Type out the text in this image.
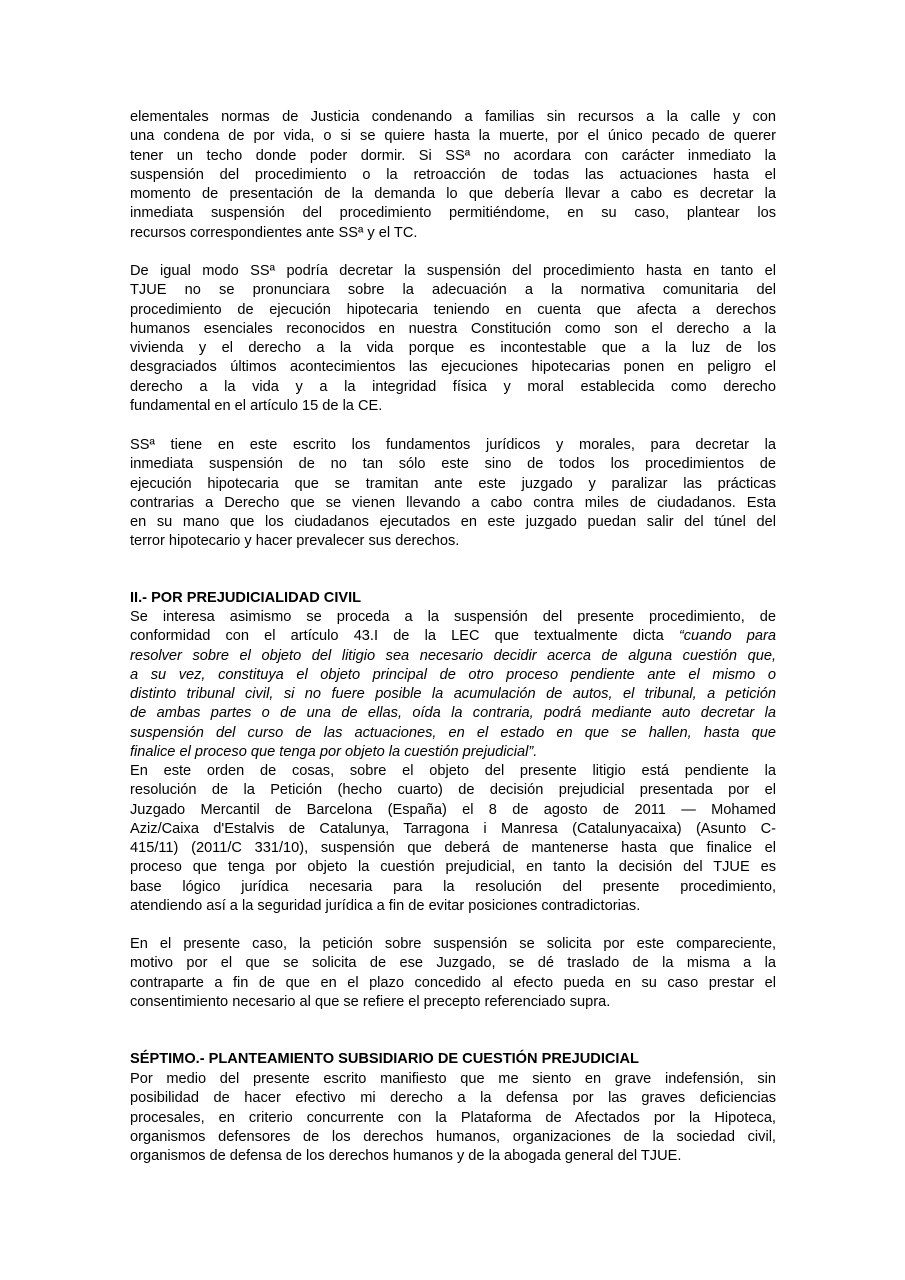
elementales normas de Justicia condenando a familias sin recursos a la calle y con
una condena de por vida, o si se quiere hasta la muerte, por el único pecado de querer
tener un techo donde poder dormir. Si SSª no acordara con carácter inmediato la
suspensión del procedimiento o la retroacción de todas las actuaciones hasta el
momento de presentación de la demanda lo que debería llevar a cabo es decretar la
inmediata suspensión del procedimiento permitiéndome, en su caso, plantear los
recursos correspondientes ante SSª y el TC.
De igual modo SSª podría decretar la suspensión del procedimiento hasta en tanto el
TJUE no se pronunciara sobre la adecuación a la normativa comunitaria del
procedimiento de ejecución hipotecaria teniendo en cuenta que afecta a derechos
humanos esenciales reconocidos en nuestra Constitución como son el derecho a la
vivienda y el derecho a la vida porque es incontestable que a la luz de los
desgraciados últimos acontecimientos las ejecuciones hipotecarias ponen en peligro el
derecho a la vida y a la integridad física y moral establecida como derecho
fundamental en el artículo 15 de la CE.
SSª tiene en este escrito los fundamentos jurídicos y morales, para decretar la
inmediata suspensión de no tan sólo este sino de todos los procedimientos de
ejecución hipotecaria que se tramitan ante este juzgado y paralizar las prácticas
contrarias a Derecho que se vienen llevando a cabo contra miles de ciudadanos. Esta
en su mano que los ciudadanos ejecutados en este juzgado puedan salir del túnel del
terror hipotecario y hacer prevalecer sus derechos.
II.- POR PREJUDICIALIDAD CIVIL
Se interesa asimismo se proceda a la suspensión del presente procedimiento, de
conformidad con el artículo 43.I de la LEC que textualmente dicta “cuando para
resolver sobre el objeto del litigio sea necesario decidir acerca de alguna cuestión que,
a su vez, constituya el objeto principal de otro proceso pendiente ante el mismo o
distinto tribunal civil, si no fuere posible la acumulación de autos, el tribunal, a petición
de ambas partes o de una de ellas, oída la contraria, podrá mediante auto decretar la
suspensión del curso de las actuaciones, en el estado en que se hallen, hasta que
finalice el proceso que tenga por objeto la cuestión prejudicial”.
En este orden de cosas, sobre el objeto del presente litigio está pendiente la
resolución de la Petición (hecho cuarto) de decisión prejudicial presentada por el
Juzgado Mercantil de Barcelona (España) el 8 de agosto de 2011 — Mohamed
Aziz/Caixa d'Estalvis de Catalunya, Tarragona i Manresa (Catalunyacaixa) (Asunto C-
415/11) (2011/C 331/10), suspensión que deberá de mantenerse hasta que finalice el
proceso que tenga por objeto la cuestión prejudicial, en tanto la decisión del TJUE es
base lógico jurídica necesaria para la resolución del presente procedimiento,
atendiendo así a la seguridad jurídica a fin de evitar posiciones contradictorias.
En el presente caso, la petición sobre suspensión se solicita por este compareciente,
motivo por el que se solicita de ese Juzgado, se dé traslado de la misma a la
contraparte a fin de que en el plazo concedido al efecto pueda en su caso prestar el
consentimiento necesario al que se refiere el precepto referenciado supra.
SÉPTIMO.- PLANTEAMIENTO SUBSIDIARIO DE CUESTIÓN PREJUDICIAL
Por medio del presente escrito manifiesto que me siento en grave indefensión, sin
posibilidad de hacer efectivo mi derecho a la defensa por las graves deficiencias
procesales, en criterio concurrente con la Plataforma de Afectados por la Hipoteca,
organismos defensores de los derechos humanos, organizaciones de la sociedad civil,
organismos de defensa de los derechos humanos y de la abogada general del TJUE.
